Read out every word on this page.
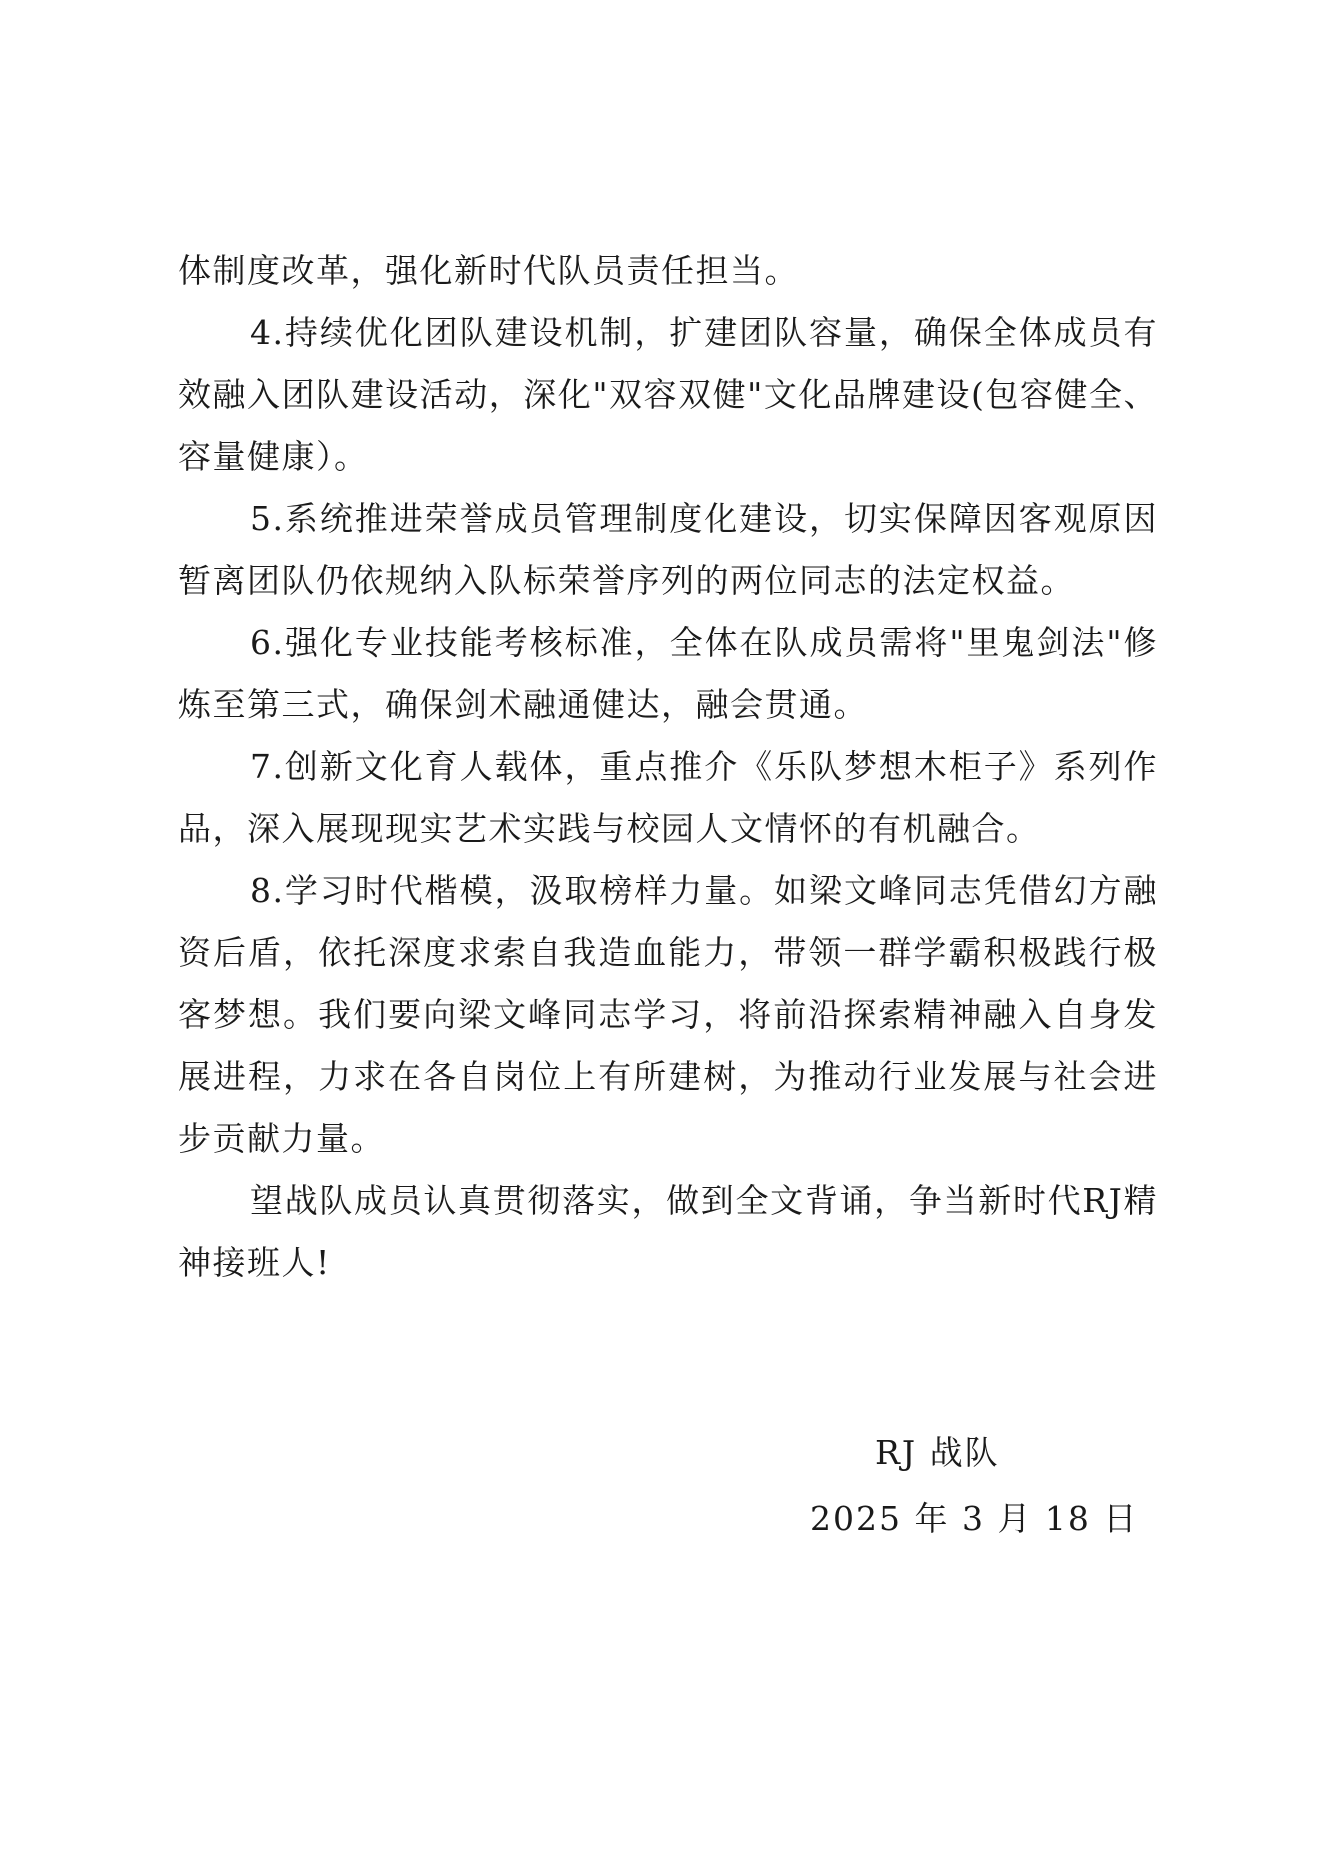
体制度改革，强化新时代队员责任担当。

4.持续优化团队建设机制，扩建团队容量，确保全体成员有效融入团队建设活动，深化"双容双健"文化品牌建设(包容健全、容量健康）。

5.系统推进荣誉成员管理制度化建设，切实保障因客观原因暂离团队仍依规纳入队标荣誉序列的两位同志的法定权益。

6.强化专业技能考核标准，全体在队成员需将"里鬼剑法"修炼至第三式，确保剑术融通健达，融会贯通。

7.创新文化育人载体，重点推介《乐队梦想木柜子》系列作品，深入展现现实艺术实践与校园人文情怀的有机融合。

8.学习时代楷模，汲取榜样力量。如梁文峰同志凭借幻方融资后盾，依托深度求索自我造血能力，带领一群学霸积极践行极客梦想。我们要向梁文峰同志学习，将前沿探索精神融入自身发展进程，力求在各自岗位上有所建树，为推动行业发展与社会进步贡献力量。

望战队成员认真贯彻落实，做到全文背诵，争当新时代RJ精神接班人!

RJ 战队
2025 年 3 月 18 日
